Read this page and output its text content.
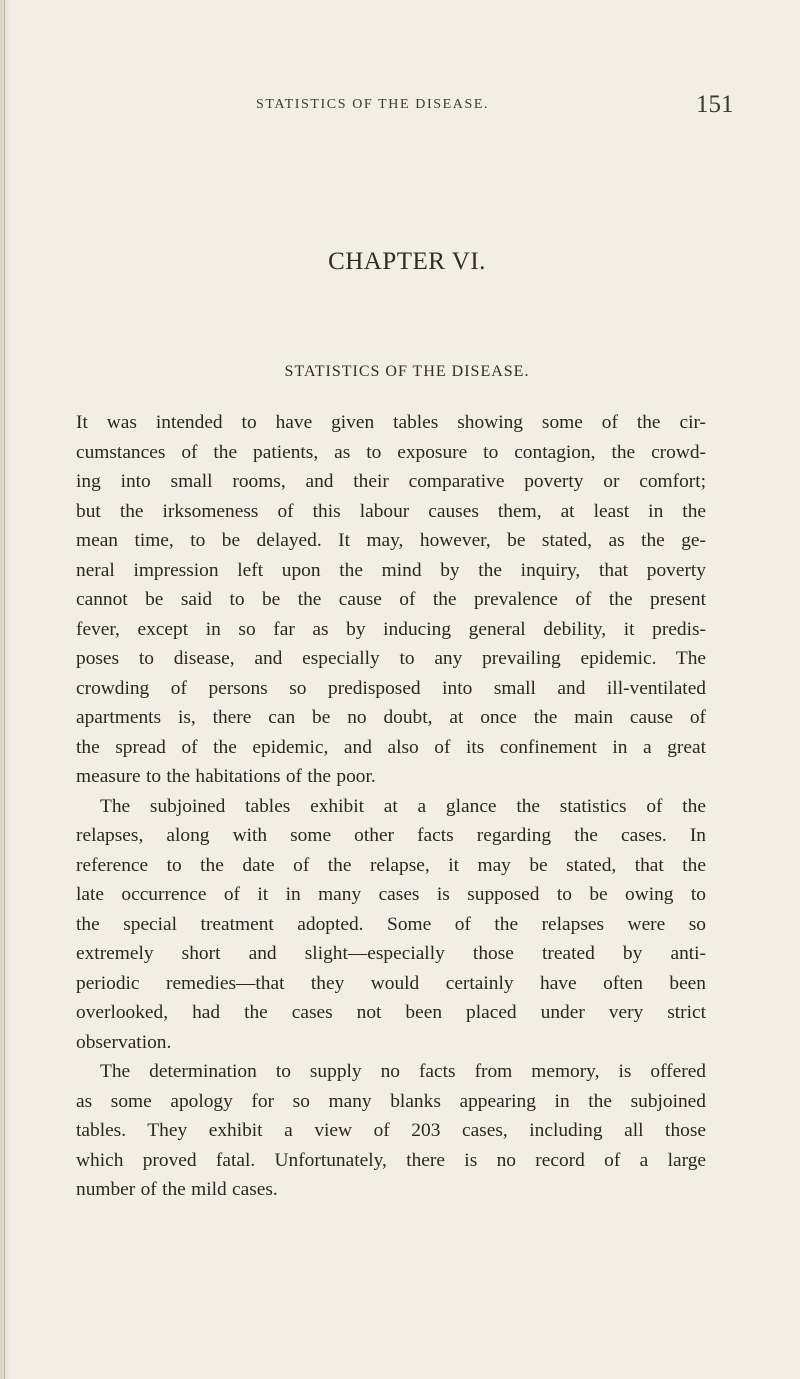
STATISTICS OF THE DISEASE.	151
CHAPTER VI.
STATISTICS OF THE DISEASE.
It was intended to have given tables showing some of the cir-
cumstances of the patients, as to exposure to contagion, the crowd-
ing into small rooms, and their comparative poverty or comfort;
but the irksomeness of this labour causes them, at least in the
mean time, to be delayed. It may, however, be stated, as the ge-
neral impression left upon the mind by the inquiry, that poverty
cannot be said to be the cause of the prevalence of the present
fever, except in so far as by inducing general debility, it predis-
poses to disease, and especially to any prevailing epidemic. The
crowding of persons so predisposed into small and ill-ventilated
apartments is, there can be no doubt, at once the main cause of
the spread of the epidemic, and also of its confinement in a great
measure to the habitations of the poor.
The subjoined tables exhibit at a glance the statistics of the
relapses, along with some other facts regarding the cases. In
reference to the date of the relapse, it may be stated, that the
late occurrence of it in many cases is supposed to be owing to
the special treatment adopted. Some of the relapses were so
extremely short and slight—especially those treated by anti-
periodic remedies—that they would certainly have often been
overlooked, had the cases not been placed under very strict
observation.
The determination to supply no facts from memory, is offered
as some apology for so many blanks appearing in the subjoined
tables. They exhibit a view of 203 cases, including all those
which proved fatal. Unfortunately, there is no record of a large
number of the mild cases.
